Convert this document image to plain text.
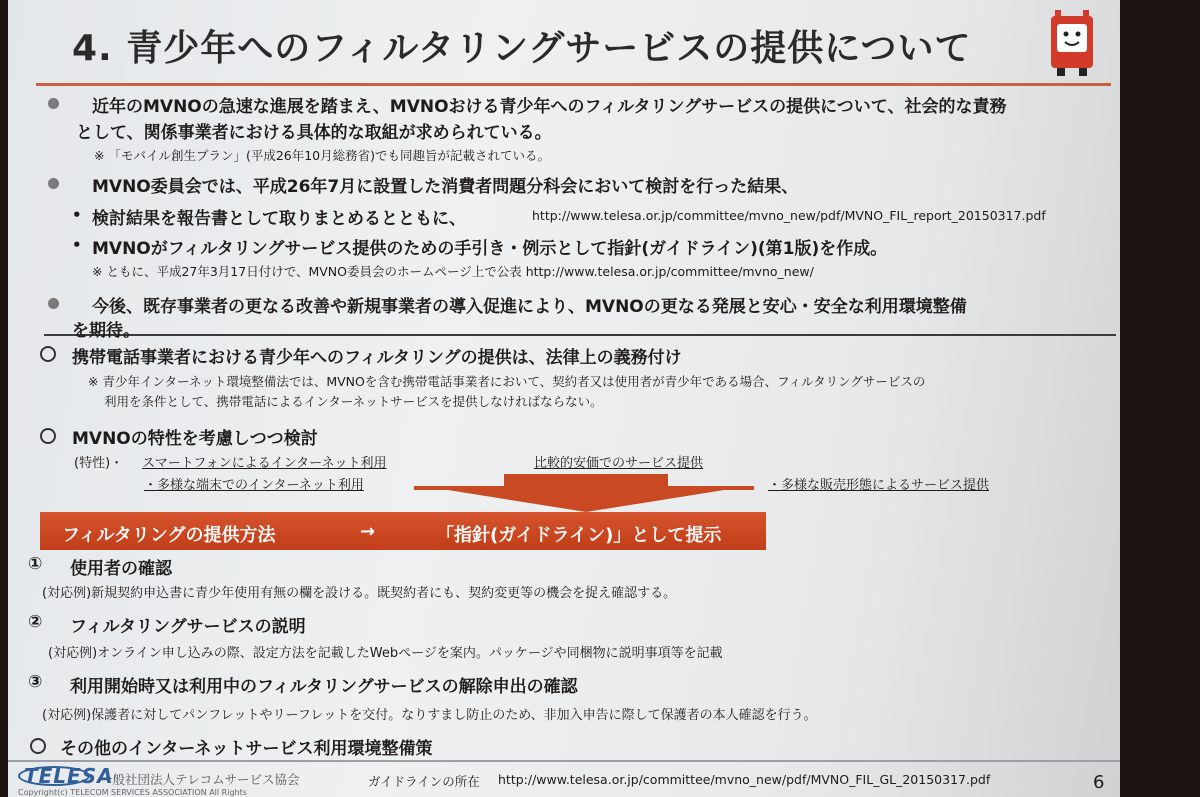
4. 青少年へのフィルタリングサービスの提供について
近年のMVNOの急速な進展を踏まえ、MVNOおける青少年へのフィルタリングサービスの提供について、社会的な責務
として、関係事業者における具体的な取組が求められている。
※ 「モバイル創生プラン」(平成26年10月総務省)でも同趣旨が記載されている。
MVNO委員会では、平成26年7月に設置した消費者問題分科会において検討を行った結果、
• 検討結果を報告書として取りまとめるとともに、	http://www.telesa.or.jp/committee/mvno_new/pdf/MVNO_FIL_report_20150317.pdf
• MVNOがフィルタリングサービス提供のための手引き・例示として指針(ガイドライン)(第1版)を作成。
※ ともに、平成27年3月17日付けで、MVNO委員会のホームページ上で公表 http://www.telesa.or.jp/committee/mvno_new/
今後、既存事業者の更なる改善や新規事業者の導入促進により、MVNOの更なる発展と安心・安全な利用環境整備
を期待。
携帯電話事業者における青少年へのフィルタリングの提供は、法律上の義務付け
※ 青少年インターネット環境整備法では、MVNOを含む携帯電話事業者において、契約者又は使用者が青少年である場合、フィルタリングサービスの
利用を条件として、携帯電話によるインターネットサービスを提供しなければならない。
MVNOの特性を考慮しつつ検討
(特性)・ スマートフォンによるインターネット利用	比較的安価でのサービス提供
・多様な端末でのインターネット利用	・多様な販売形態によるサービス提供
フィルタリングの提供方法	→	「指針(ガイドライン)」として提示
① 使用者の確認
(対応例)新規契約申込書に青少年使用有無の欄を設ける。既契約者にも、契約変更等の機会を捉え確認する。
② フィルタリングサービスの説明
(対応例)オンライン申し込みの際、設定方法を記載したWebページを案内。パッケージや同梱物に説明事項等を記載
③ 利用開始時又は利用中のフィルタリングサービスの解除申出の確認
(対応例)保護者に対してパンフレットやリーフレットを交付。なりすまし防止のため、非加入申告に際して保護者の本人確認を行う。
その他のインターネットサービス利用環境整備策
TELESA
一般社団法人テレコムサービス協会
Copyright(c) TELECOM SERVICES ASSOCIATION All Rights
ガイドラインの所在 http://www.telesa.or.jp/committee/mvno_new/pdf/MVNO_FIL_GL_20150317.pdf	6
